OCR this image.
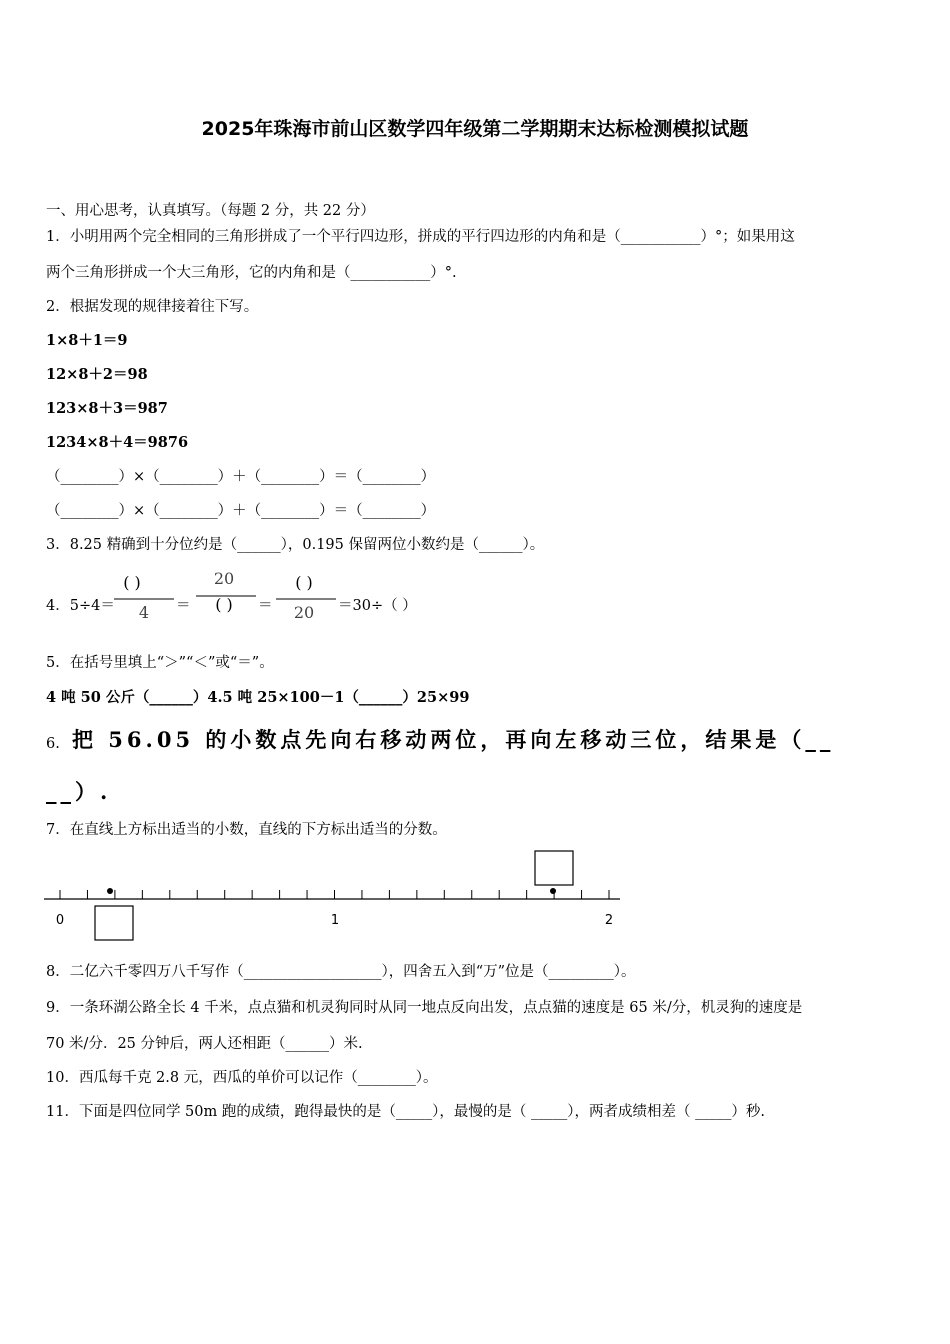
2025年珠海市前山区数学四年级第二学期期末达标检测模拟试题
一、用心思考，认真填写。（每题 2 分，共 22 分）
1．小明用两个完全相同的三角形拼成了一个平行四边形，拼成的平行四边形的内角和是（___________）°；如果用这
两个三角形拼成一个大三角形，它的内角和是（___________）°.
2．根据发现的规律接着往下写。
1×8＋1＝9
12×8＋2＝98
123×8＋3＝987
1234×8＋4＝9876
（________）×（________）＋（________）＝（________）
（________）×（________）＋（________）＝（________）
3．8.25 精确到十分位约是（______），0.195 保留两位小数约是（______）。
4．5÷4＝
( )
4 ＝
20
( ) ＝
( )
20 ＝30÷（ ）
5．在括号里填上“＞”“＜”或“＝”。
4 吨 50 公斤（______）4.5 吨 25×100－1（______）25×99
6. 把 56.05 的小数点先向右移动两位，再向左移动三位，结果是（__
__）.
7．在直线上方标出适当的小数，直线的下方标出适当的分数。
0	1	2
8．二亿六千零四万八千写作（___________________），四舍五入到“万”位是（_________）。
9．一条环湖公路全长 4 千米，点点猫和机灵狗同时从同一地点反向出发，点点猫的速度是 65 米/分，机灵狗的速度是
70 米/分．25 分钟后，两人还相距（______）米.
10．西瓜每千克 2.8 元，西瓜的单价可以记作（________）。
11．下面是四位同学 50m 跑的成绩，跑得最快的是（_____），最慢的是（ _____），两者成绩相差（ _____）秒.
